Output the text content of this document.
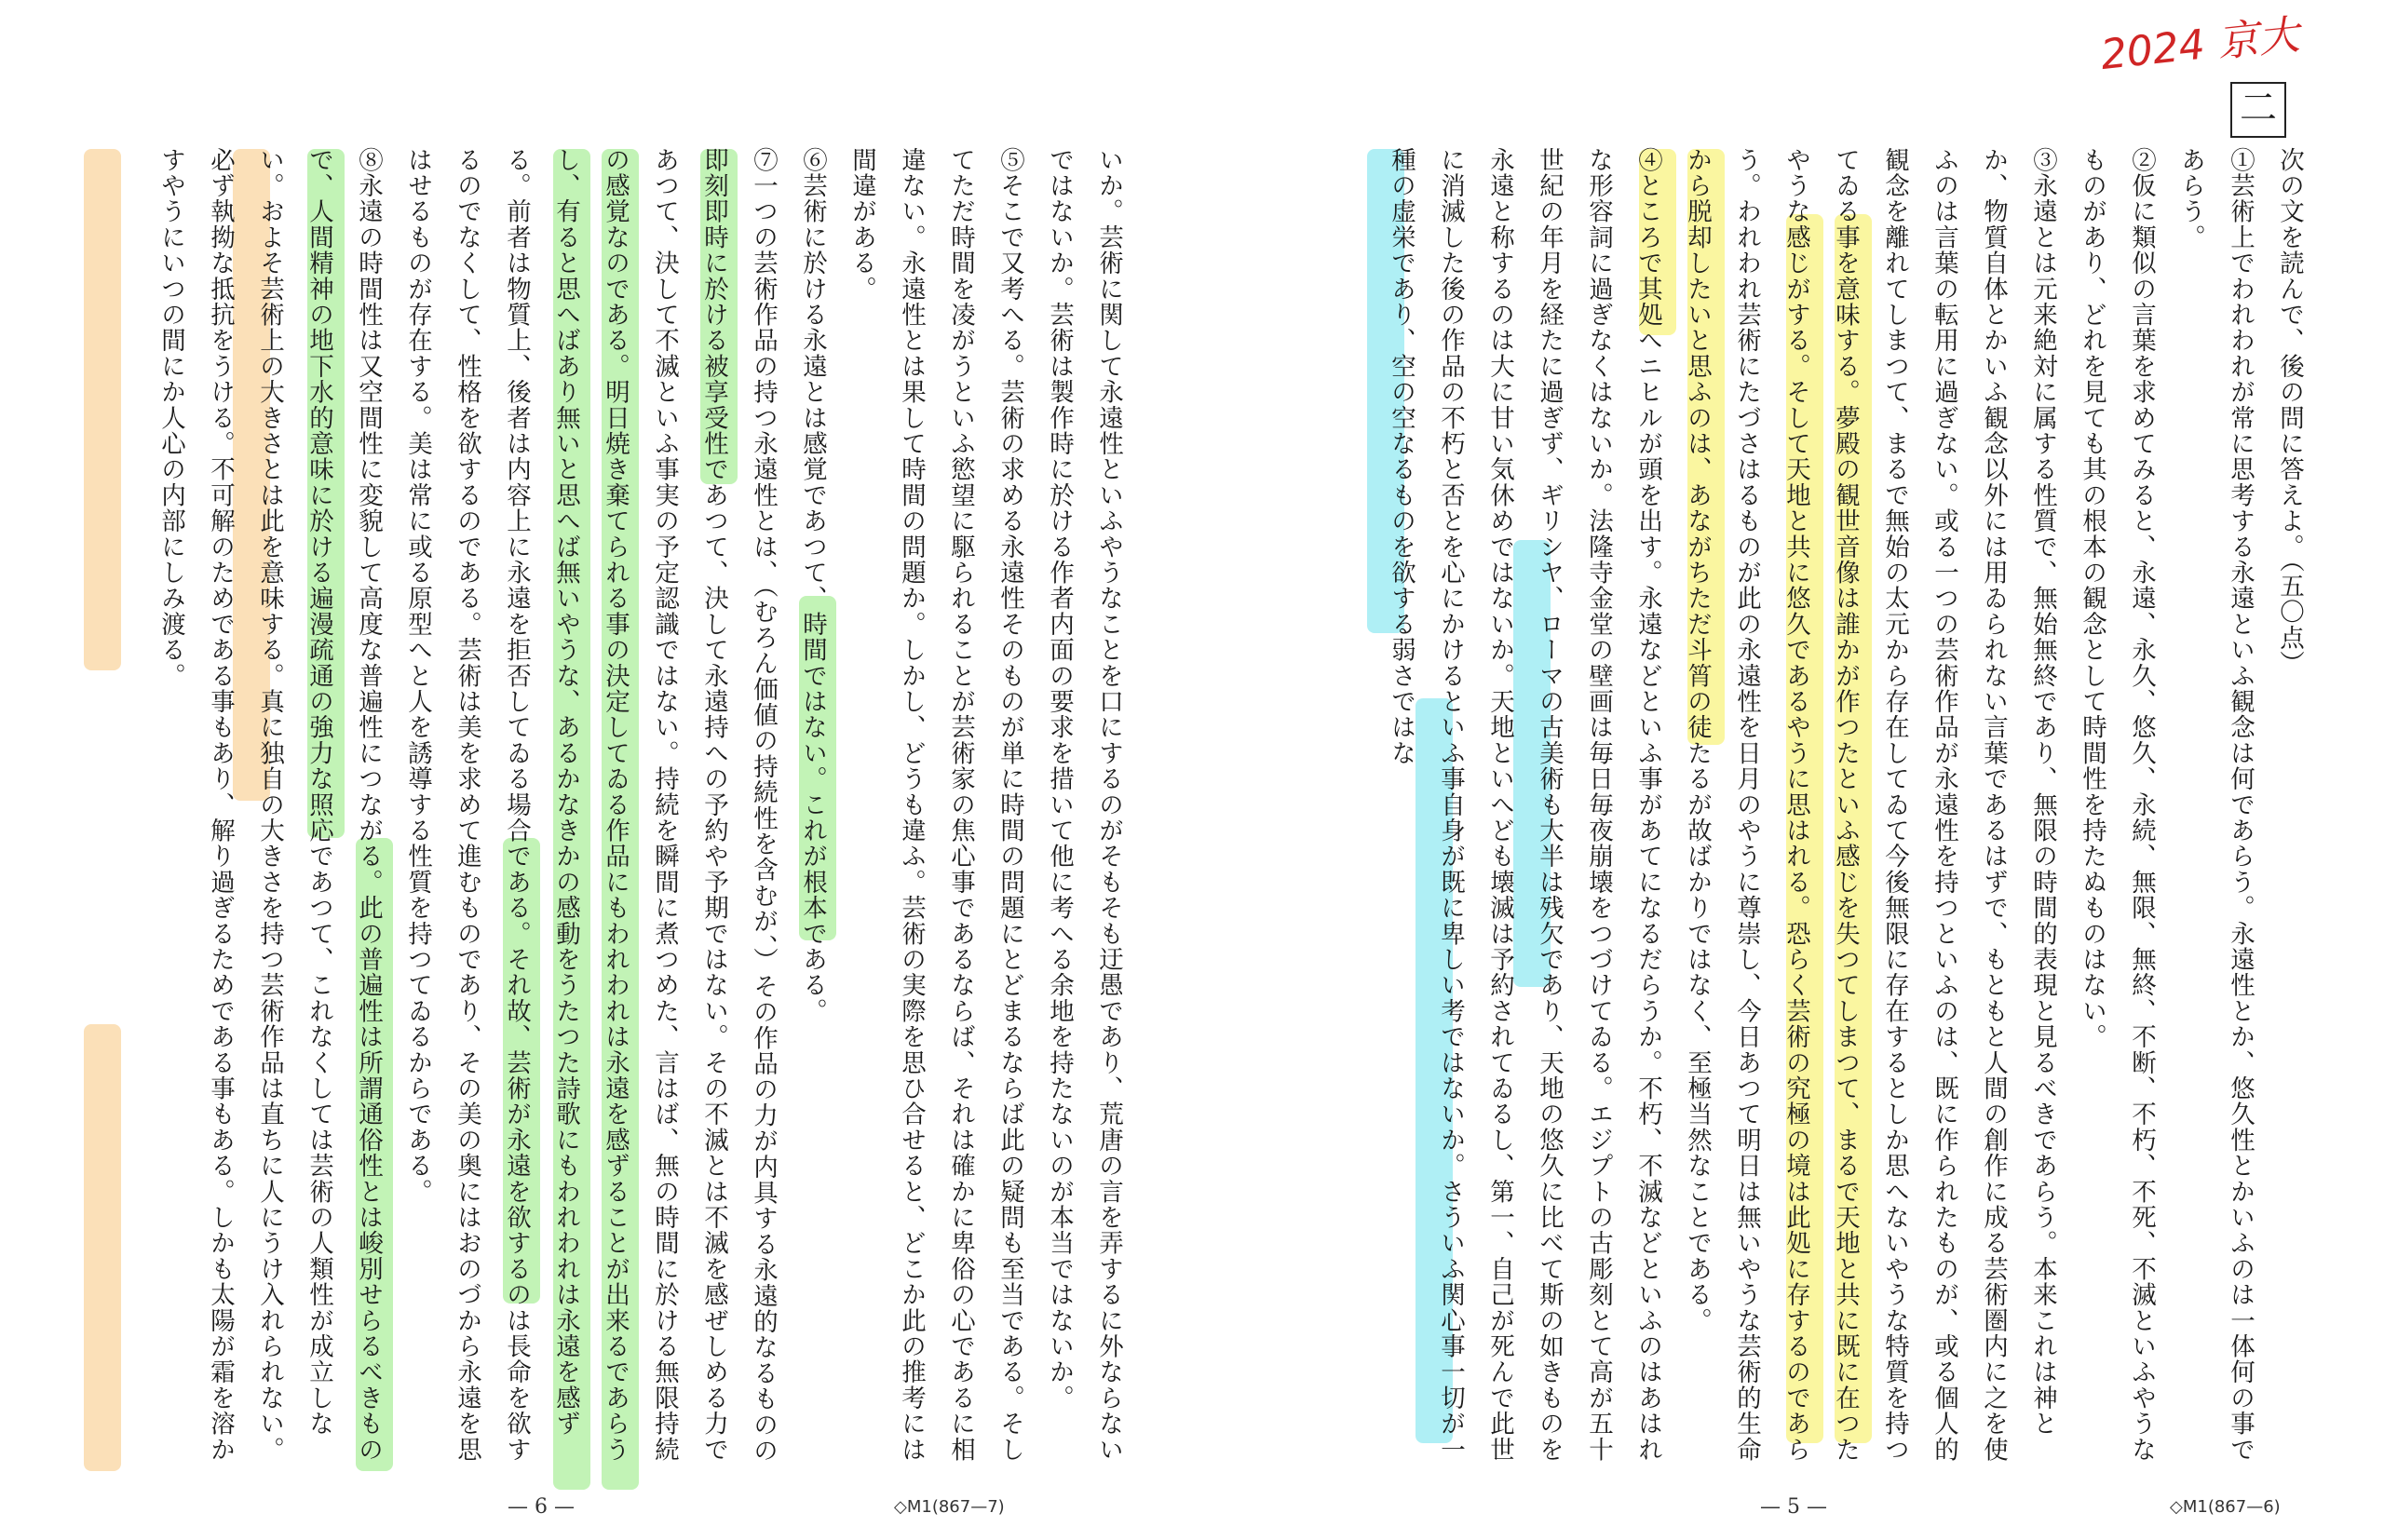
2024 京大
二

次の文を読んで、後の問に答えよ。（五〇点）

①芸術上でわれわれが常に思考する永遠といふ観念は何であらう。永遠性とか、悠久性とかいふのは一体何の事であらう。

②仮に類似の言葉を求めてみると、永遠、永久、悠久、永続、無限、無終、不断、不朽、不死、不滅といふやうなものがあり、どれを見ても其の根本の観念として時間性を持たぬものはない。

③永遠とは元来絶対に属する性質で、無始無終であり、無限の時間的表現と見るべきであらう。本来これは神とか、物質自体とかいふ観念以外には用ゐられない言葉であるはずで、もともと人間の創作に成る芸術圏内に之を使ふのは言葉の転用に過ぎない。或る一つの芸術作品が永遠性を持つといふのは、既に作られたものが、或る個人的観念を離れてしまつて、まるで無始の太元から存在してゐて今後無限に存在するとしか思へないやうな特質を持つてゐる事を意味する。夢殿の観世音像は誰かが作つたといふ感じを失つてしまつて、まるで天地と共に既に在つたやうな感じがする。そして天地と共に悠久であるやうに思はれる。恐らく芸術の究極の境は此処に存するのであらう。われわれ芸術にたづさはるものが此の永遠性を日月のやうに尊崇し、今日あつて明日は無いやうな芸術的生命から脱却したいと思ふのは、あながちただ斗筲の徒たるが故ばかりではなく、至極当然なことである。

④ところで其処へニヒルが頭を出す。永遠などといふ事があてになるだらうか。不朽、不滅などといふのはあはれな形容詞に過ぎなくはないか。法隆寺金堂の壁画は毎日毎夜崩壊をつづけてゐる。エジプトの古彫刻とて高が五十世紀の年月を経たに過ぎず、ギリシヤ、ローマの古美術も大半は残欠であり、天地の悠久に比べて斯の如きものを永遠と称するのは大に甘い気休めではないか。天地といへども壊滅は予約されてゐるし、第一、自己が死んで此世に消滅した後の作品の不朽と否とを心にかけるといふ事自身が既に卑しい考ではないか。さういふ関心事一切が一種の虚栄であり、空の空なるものを欲する弱さではな

— 5 —	◇M1(867—6)

いか。芸術に関して永遠性といふやうなことを口にするのがそもそも迂愚であり、荒唐の言を弄するに外ならないではないか。芸術は製作時に於ける作者内面の要求を措いて他に考へる余地を持たないのが本当ではないか。

⑤そこで又考へる。芸術の求める永遠性そのものが単に時間の問題にとどまるならば此の疑問も至当である。そしてただ時間を凌がうといふ慾望に駆られることが芸術家の焦心事であるならば、それは確かに卑俗の心であるに相違ない。永遠性とは果して時間の問題か。しかし、どうも違ふ。芸術の実際を思ひ合せると、どこか此の推考には間違がある。

⑥芸術に於ける永遠とは感覚であつて、時間ではない。これが根本である。

⑦一つの芸術作品の持つ永遠性とは、（むろん価値の持続性を含むが、）その作品の力が内具する永遠的なるものの即刻即時に於ける被享受性であつて、決して永遠持への予約や予期ではない。その不滅とは不滅を感ぜしめる力であつて、決して不滅といふ事実の予定認識ではない。持続を瞬間に煮つめた、言はば、無の時間に於ける無限持続の感覚なのである。明日焼き棄てられる事の決定してゐる作品にもわれわれは永遠を感ずることが出来るであらうし、有ると思へばあり無いと思へば無いやうな、あるかなきかの感動をうたつた詩歌にもわれわれは永遠を感ずる。前者は物質上、後者は内容上に永遠を拒否してゐる場合である。それ故、芸術が永遠を欲するのは長命を欲するのでなくして、性格を欲するのである。芸術は美を求めて進むものであり、その美の奥にはおのづから永遠を思はせるものが存在する。美は常に或る原型へと人を誘導する性質を持つてゐるからである。

⑧永遠の時間性は又空間性に変貌して高度な普遍性につながる。此の普遍性は所謂通俗性とは峻別せらるべきもので、人間精神の地下水的意味に於ける遍漫疏通の強力な照応であつて、これなくしては芸術の人類性が成立しない。およそ芸術上の大きさとは此を意味する。真に独自の大きさを持つ芸術作品は直ちに人にうけ入れられない。必ず執拗な抵抗をうける。不可解のためである事もあり、解り過ぎるためである事もある。しかも太陽が霜を溶かすやうにいつの間にか人心の内部にしみ渡る。

— 6 —	◇M1(867—7)
